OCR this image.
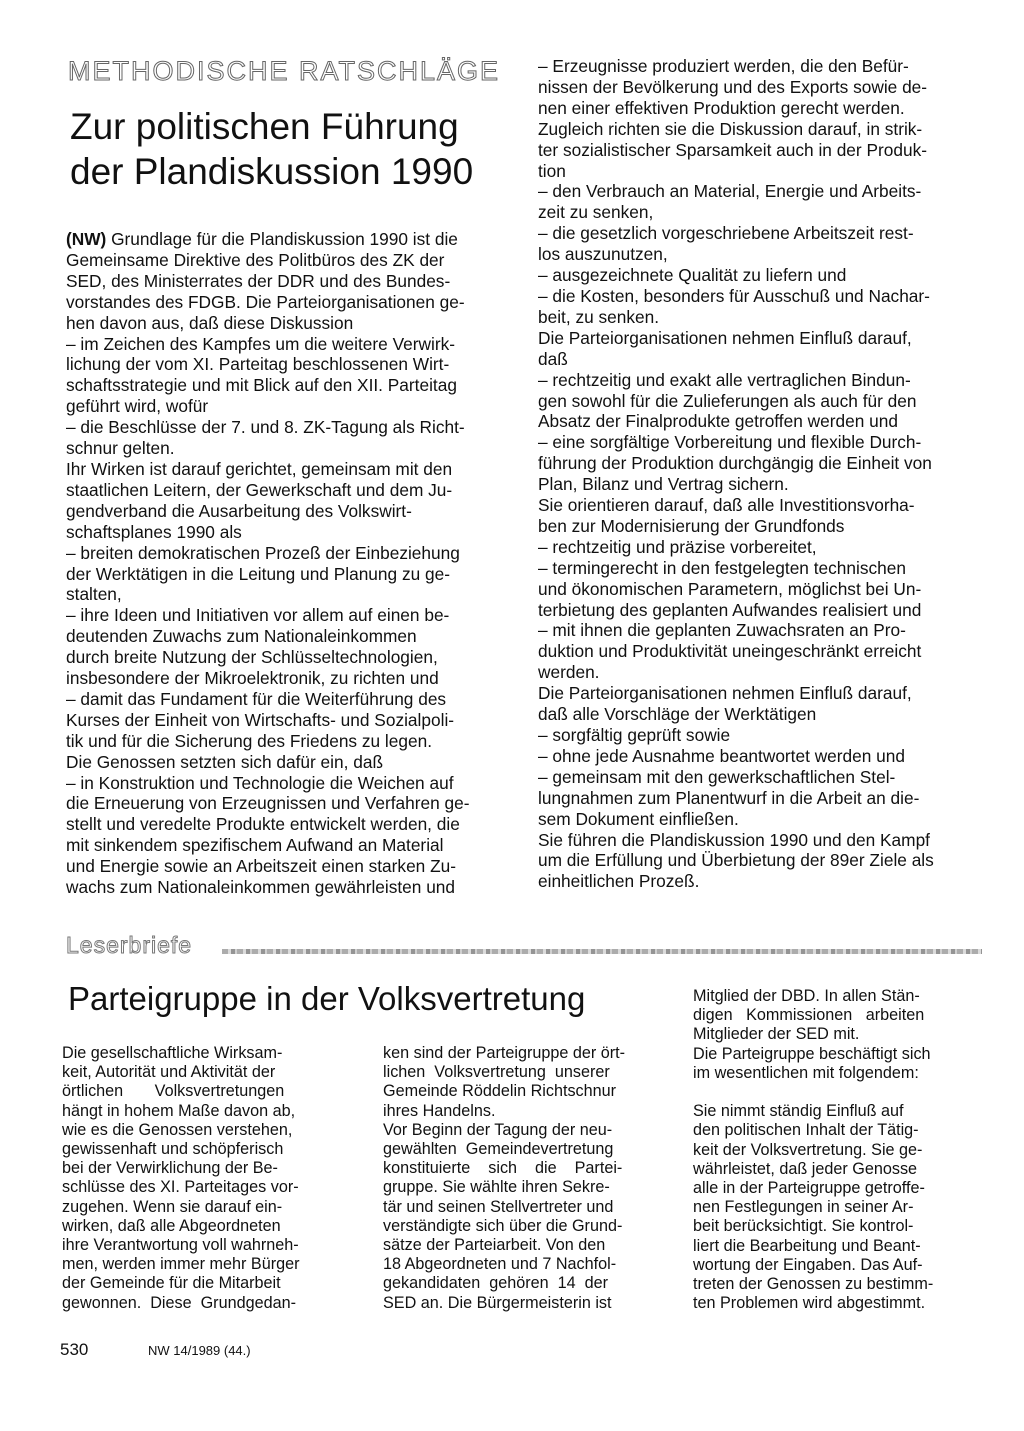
METHODISCHE RATSCHLÄGE
Zur politischen Führung
der Plandiskussion 1990

(NW) Grundlage für die Plandiskussion 1990 ist die

Gemeinsame Direktive des Politbüros des ZK der

SED, des Ministerrates der DDR und des Bundes-

vorstandes des FDGB. Die Parteiorganisationen ge-

hen davon aus, daß diese Diskussion

– im Zeichen des Kampfes um die weitere Verwirk-

lichung der vom XI. Parteitag beschlossenen Wirt-

schaftsstrategie und mit Blick auf den XII. Parteitag

geführt wird, wofür

– die Beschlüsse der 7. und 8. ZK-Tagung als Richt-

schnur gelten.

Ihr Wirken ist darauf gerichtet, gemeinsam mit den

staatlichen Leitern, der Gewerkschaft und dem Ju-

gendverband die Ausarbeitung des Volkswirt-

schaftsplanes 1990 als

– breiten demokratischen Prozeß der Einbeziehung

der Werktätigen in die Leitung und Planung zu ge-

stalten,

– ihre Ideen und Initiativen vor allem auf einen be-

deutenden Zuwachs zum Nationaleinkommen

durch breite Nutzung der Schlüsseltechnologien,

insbesondere der Mikroelektronik, zu richten und

– damit das Fundament für die Weiterführung des

Kurses der Einheit von Wirtschafts- und Sozialpoli-

tik und für die Sicherung des Friedens zu legen.

Die Genossen setzten sich dafür ein, daß

– in Konstruktion und Technologie die Weichen auf

die Erneuerung von Erzeugnissen und Verfahren ge-

stellt und veredelte Produkte entwickelt werden, die

mit sinkendem spezifischem Aufwand an Material

und Energie sowie an Arbeitszeit einen starken Zu-

wachs zum Nationaleinkommen gewährleisten und

– Erzeugnisse produziert werden, die den Befür-

nissen der Bevölkerung und des Exports sowie de-

nen einer effektiven Produktion gerecht werden.

Zugleich richten sie die Diskussion darauf, in strik-

ter sozialistischer Sparsamkeit auch in der Produk-

tion

– den Verbrauch an Material, Energie und Arbeits-

zeit zu senken,

– die gesetzlich vorgeschriebene Arbeitszeit rest-

los auszunutzen,

– ausgezeichnete Qualität zu liefern und

– die Kosten, besonders für Ausschuß und Nachar-

beit, zu senken.

Die Parteiorganisationen nehmen Einfluß darauf,

daß

– rechtzeitig und exakt alle vertraglichen Bindun-

gen sowohl für die Zulieferungen als auch für den

Absatz der Finalprodukte getroffen werden und

– eine sorgfältige Vorbereitung und flexible Durch-

führung der Produktion durchgängig die Einheit von

Plan, Bilanz und Vertrag sichern.

Sie orientieren darauf, daß alle Investitionsvorha-

ben zur Modernisierung der Grundfonds

– rechtzeitig und präzise vorbereitet,

– termingerecht in den festgelegten technischen

und ökonomischen Parametern, möglichst bei Un-

terbietung des geplanten Aufwandes realisiert und

– mit ihnen die geplanten Zuwachsraten an Pro-

duktion und Produktivität uneingeschränkt erreicht

werden.

Die Parteiorganisationen nehmen Einfluß darauf,

daß alle Vorschläge der Werktätigen

– sorgfältig geprüft sowie

– ohne jede Ausnahme beantwortet werden und

– gemeinsam mit den gewerkschaftlichen Stel-

lungnahmen zum Planentwurf in die Arbeit an die-

sem Dokument einfließen.

Sie führen die Plandiskussion 1990 und den Kampf

um die Erfüllung und Überbietung der 89er Ziele als

einheitlichen Prozeß.

Leserbriefe
Parteigruppe in der Volksvertretung

Die gesellschaftliche Wirksam-

keit, Autorität und Aktivität der

örtlichen       Volksvertretungen

hängt in hohem Maße davon ab,

wie es die Genossen verstehen,

gewissenhaft und schöpferisch

bei der Verwirklichung der Be-

schlüsse des XI. Parteitages vor-

zugehen. Wenn sie darauf ein-

wirken, daß alle Abgeordneten

ihre Verantwortung voll wahrneh-

men, werden immer mehr Bürger

der Gemeinde für die Mitarbeit

gewonnen.  Diese  Grundgedan-

ken sind der Parteigruppe der ört-

lichen  Volksvertretung  unserer

Gemeinde Röddelin Richtschnur

ihres Handelns.

Vor Beginn der Tagung der neu-

gewählten  Gemeindevertretung

konstituierte    sich    die    Partei-

gruppe. Sie wählte ihren Sekre-

tär und seinen Stellvertreter und

verständigte sich über die Grund-

sätze der Parteiarbeit. Von den

18 Abgeordneten und 7 Nachfol-

gekandidaten  gehören  14  der

SED an. Die Bürgermeisterin ist

Mitglied der DBD. In allen Stän-

digen   Kommissionen   arbeiten

Mitglieder der SED mit.

Die Parteigruppe beschäftigt sich

im wesentlichen mit folgendem:

Sie nimmt ständig Einfluß auf

den politischen Inhalt der Tätig-

keit der Volksvertretung. Sie ge-

währleistet, daß jeder Genosse

alle in der Parteigruppe getroffe-

nen Festlegungen in seiner Ar-

beit berücksichtigt. Sie kontrol-

liert die Bearbeitung und Beant-

wortung der Eingaben. Das Auf-

treten der Genossen zu bestimm-

ten Problemen wird abgestimmt.

530	NW 14/1989 (44.)
